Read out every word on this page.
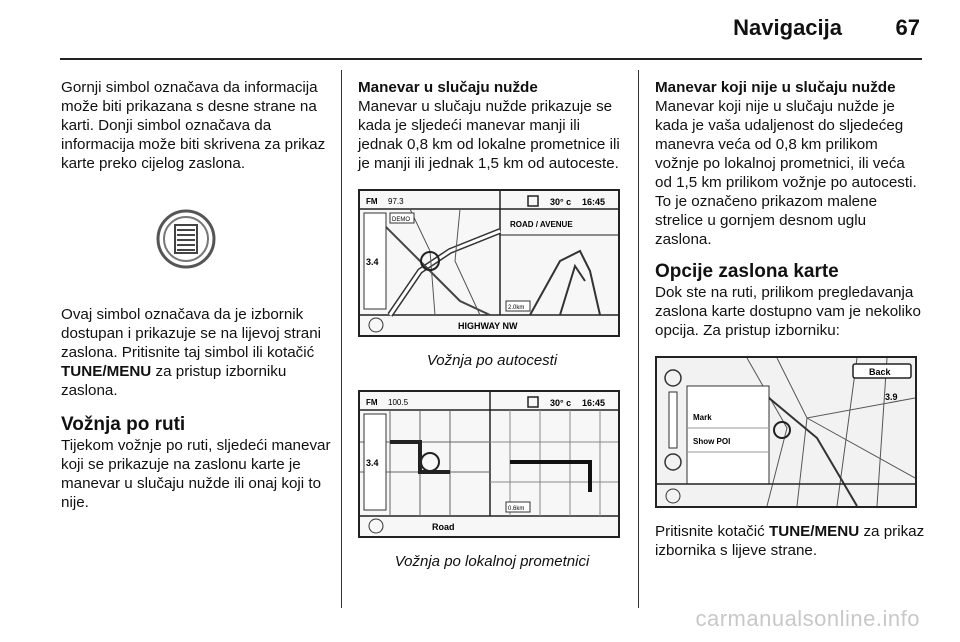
Navigacija 67

Gornji simbol označava da informacija može biti prikazana s desne strane na karti. Donji simbol označava da informacija može biti skrivena za prikaz karte preko cijelog zaslona.

Ovaj simbol označava da je izbornik dostupan i prikazuje se na lijevoj strani zaslona. Pritisnite taj simbol ili kotačić TUNE/MENU za pristup izborniku zaslona.

Vožnja po ruti

Tijekom vožnje po ruti, sljedeći manevar koji se prikazuje na zaslonu karte je manevar u slučaju nužde ili onaj koji to nije.

Manevar u slučaju nužde

Manevar u slučaju nužde prikazuje se kada je sljedeći manevar manji ili jednak 0,8 km od lokalne prometnice ili je manji ili jednak 1,5 km od autoceste.

FM 97.3	30° c 16:45
ROAD / AVENUE
3.4
DEMO
2.0km
HIGHWAY NW

Vožnja po autocesti

FM 100.5	30° c 16:45
3.4
0.6km
Road

Vožnja po lokalnoj prometnici

Manevar koji nije u slučaju nužde

Manevar koji nije u slučaju nužde je kada je vaša udaljenost do sljedećeg manevra veća od 0,8 km prilikom vožnje po lokalnoj prometnici, ili veća od 1,5 km prilikom vožnje po autocesti. To je označeno prikazom malene strelice u gornjem desnom uglu zaslona.

Opcije zaslona karte

Dok ste na ruti, prilikom pregledavanja zaslona karte dostupno vam je nekoliko opcija. Za pristup izborniku:

Back
Mark
Show POI
3.9

Pritisnite kotačić TUNE/MENU za prikaz izbornika s lijeve strane.

carmanualsonline.info
